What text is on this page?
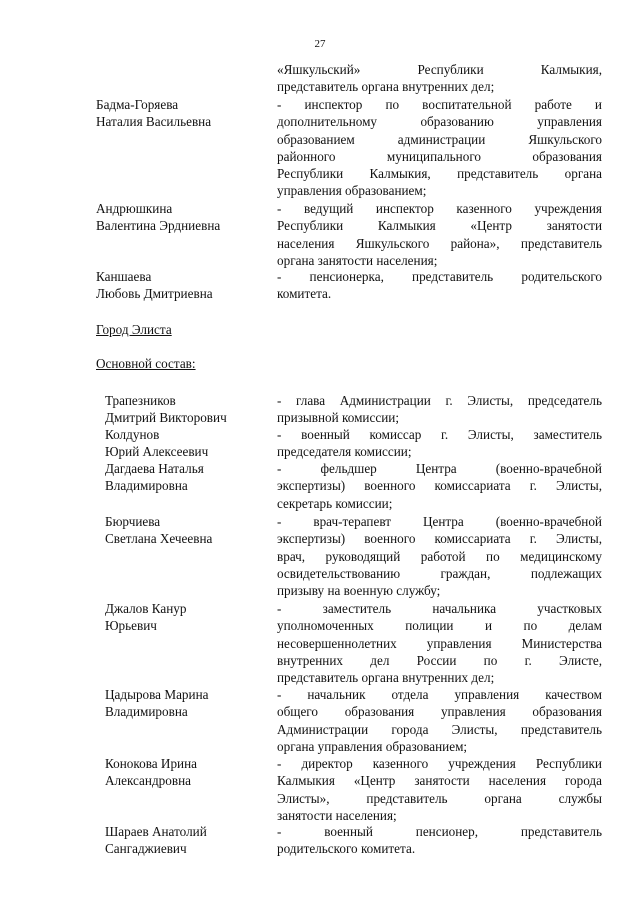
27
«Яшкульский» Республики Калмыкия,
представитель органа внутренних дел;
Бадма-Горяева
Наталия Васильевна
- инспектор по воспитательной работе и
дополнительному образованию управления
образованием администрации Яшкульского
районного муниципального образования
Республики Калмыкия, представитель органа
управления образованием;
Андрюшкина
Валентина Эрдниевна
- ведущий инспектор казенного учреждения
Республики Калмыкия «Центр занятости
населения Яшкульского района», представитель
органа занятости населения;
Каншаева
Любовь Дмитриевна
- пенсионерка, представитель родительского
комитета.
Город Элиста
Основной состав:
Трапезников
Дмитрий Викторович
- глава Администрации г. Элисты, председатель
призывной комиссии;
Колдунов
Юрий Алексеевич
- военный комиссар г. Элисты, заместитель
председателя комиссии;
Дагдаева Наталья
Владимировна
- фельдшер Центра (военно-врачебной
экспертизы) военного комиссариата г. Элисты,
секретарь комиссии;
Бюрчиева
Светлана Хечеевна
- врач-терапевт Центра (военно-врачебной
экспертизы) военного комиссариата г. Элисты,
врач, руководящий работой по медицинскому
освидетельствованию граждан, подлежащих
призыву на военную службу;
Джалов Канур
Юрьевич
- заместитель начальника участковых
уполномоченных полиции и по делам
несовершеннолетних управления Министерства
внутренних дел России по г. Элисте,
представитель органа внутренних дел;
Цадырова Марина
Владимировна
- начальник отдела управления качеством
общего образования управления образования
Администрации города Элисты, представитель
органа управления образованием;
Конокова Ирина
Александровна
- директор казенного учреждения Республики
Калмыкия «Центр занятости населения города
Элисты», представитель органа службы
занятости населения;
Шараев Анатолий
Сангаджиевич
- военный пенсионер, представитель
родительского комитета.
